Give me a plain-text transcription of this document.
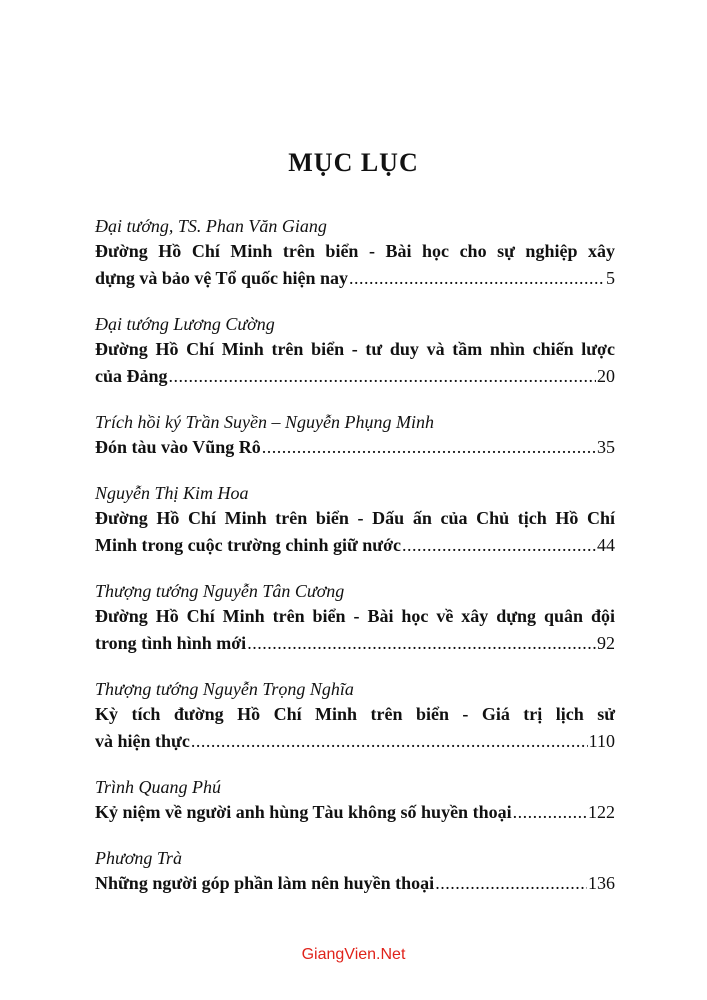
MỤC LỤC
Đại tướng, TS. Phan Văn Giang
Đường Hồ Chí Minh trên biển - Bài học cho sự nghiệp xây
dựng và bảo vệ Tổ quốc hiện nay .....	5
Đại tướng Lương Cường
Đường Hồ Chí Minh trên biển - tư duy và tầm nhìn chiến lược
của Đảng .....	20
Trích hồi ký Trần Suyền – Nguyễn Phụng Minh
Đón tàu vào Vũng Rô .....	35
Nguyễn Thị Kim Hoa
Đường Hồ Chí Minh trên biển - Dấu ấn của Chủ tịch Hồ Chí
Minh trong cuộc trường chinh giữ nước .....	44
Thượng tướng Nguyễn Tân Cương
Đường Hồ Chí Minh trên biển - Bài học về xây dựng quân đội
trong tình hình mới .....	92
Thượng tướng Nguyễn Trọng Nghĩa
Kỳ tích đường Hồ Chí Minh trên biển - Giá trị lịch sử
và hiện thực .....	110
Trình Quang Phú
Kỷ niệm về người anh hùng Tàu không số huyền thoại .....	122
Phương Trà
Những người góp phần làm nên huyền thoại .....	136
GiangVien.Net
